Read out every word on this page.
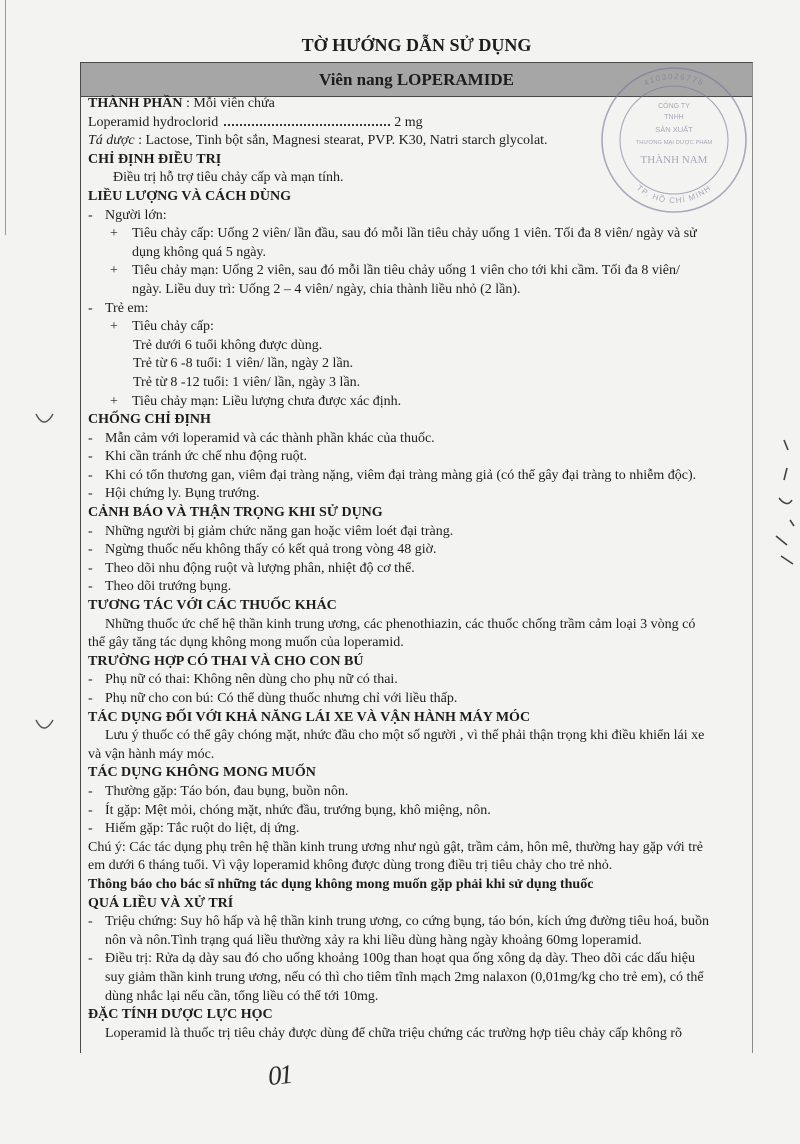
TỜ HƯỚNG DẪN SỬ DỤNG
Viên nang LOPERAMIDE
THÀNH PHẦN : Mỗi viên chứa
Loperamid hydroclorid	2 mg
Tá dược : Lactose, Tinh bột sắn, Magnesi stearat, PVP. K30, Natri starch glycolat.
CHỈ ĐỊNH ĐIỀU TRỊ
Điều trị hỗ trợ tiêu chảy cấp và mạn tính.
LIỀU LƯỢNG VÀ CÁCH DÙNG
- Người lớn:
+ Tiêu chảy cấp: Uống 2 viên/ lần đầu, sau đó mỗi lần tiêu chảy uống 1 viên. Tối đa 8 viên/ ngày và sử
dụng không quá 5 ngày.
+ Tiêu chảy mạn: Uống 2 viên, sau đó mỗi lần tiêu chảy uống 1 viên cho tới khi cầm. Tối đa 8 viên/
ngày. Liều duy trì: Uống 2 – 4 viên/ ngày, chia thành liều nhỏ (2 lần).
- Trẻ em:
+ Tiêu chảy cấp:
Trẻ dưới 6 tuổi không được dùng.
Trẻ từ 6 -8 tuổi: 1 viên/ lần, ngày 2 lần.
Trẻ từ 8 -12 tuổi: 1 viên/ lần, ngày 3 lần.
+ Tiêu chảy mạn: Liều lượng chưa được xác định.
CHỐNG CHỈ ĐỊNH
- Mẫn cảm với loperamid và các thành phần khác của thuốc.
- Khi cần tránh ức chế nhu động ruột.
- Khi có tổn thương gan, viêm đại tràng nặng, viêm đại tràng màng giả (có thể gây đại tràng to nhiễm độc).
- Hội chứng ly. Bụng trướng.
CẢNH BÁO VÀ THẬN TRỌNG KHI SỬ DỤNG
- Những người bị giảm chức năng gan hoặc viêm loét đại tràng.
- Ngừng thuốc nếu không thấy có kết quả trong vòng 48 giờ.
- Theo dõi nhu động ruột và lượng phân, nhiệt độ cơ thể.
- Theo dõi trướng bụng.
TƯƠNG TÁC VỚI CÁC THUỐC KHÁC
Những thuốc ức chế hệ thần kinh trung ương, các phenothiazin, các thuốc chống trầm cảm loại 3 vòng có
thể gây tăng tác dụng không mong muốn của loperamid.
TRƯỜNG HỢP CÓ THAI VÀ CHO CON BÚ
- Phụ nữ có thai: Không nên dùng cho phụ nữ có thai.
- Phụ nữ cho con bú: Có thể dùng thuốc nhưng chỉ với liều thấp.
TÁC DỤNG ĐỐI VỚI KHẢ NĂNG LÁI XE VÀ VẬN HÀNH MÁY MÓC
Lưu ý thuốc có thể gây chóng mặt, nhức đầu cho một số người , vì thế phải thận trọng khi điều khiển lái xe
và vận hành máy móc.
TÁC DỤNG KHÔNG MONG MUỐN
- Thường gặp: Táo bón, đau bụng, buồn nôn.
- Ít gặp: Mệt mỏi, chóng mặt, nhức đầu, trướng bụng, khô miệng, nôn.
- Hiếm gặp: Tắc ruột do liệt, dị ứng.
Chú ý: Các tác dụng phụ trên hệ thần kinh trung ương như ngủ gật, trầm cảm, hôn mê, thường hay gặp với trẻ
em dưới 6 tháng tuổi. Vì vậy loperamid không được dùng trong điều trị tiêu chảy cho trẻ nhỏ.
Thông báo cho bác sĩ những tác dụng không mong muốn gặp phải khi sử dụng thuốc
QUÁ LIỀU VÀ XỬ TRÍ
- Triệu chứng: Suy hô hấp và hệ thần kinh trung ương, co cứng bụng, táo bón, kích ứng đường tiêu hoá, buồn
nôn và nôn.Tình trạng quá liều thường xảy ra khi liều dùng hàng ngày khoảng 60mg loperamid.
- Điều trị: Rửa dạ dày sau đó cho uống khoảng 100g than hoạt qua ống xông dạ dày. Theo dõi các dấu hiệu
suy giảm thần kinh trung ương, nếu có thì cho tiêm tĩnh mạch 2mg nalaxon (0,01mg/kg cho trẻ em), có thể
dùng nhắc lại nếu cần, tổng liều có thể tới 10mg.
ĐẶC TÍNH DƯỢC LỰC HỌC
Loperamid là thuốc trị tiêu chảy được dùng để chữa triệu chứng các trường hợp tiêu chảy cấp không rõ
4103026776
TP. HỒ CHÍ MINH
CÔNG TY
TNHH
SẢN XUẤT
THƯƠNG MẠI DƯỢC PHẨM
THÀNH NAM
01
